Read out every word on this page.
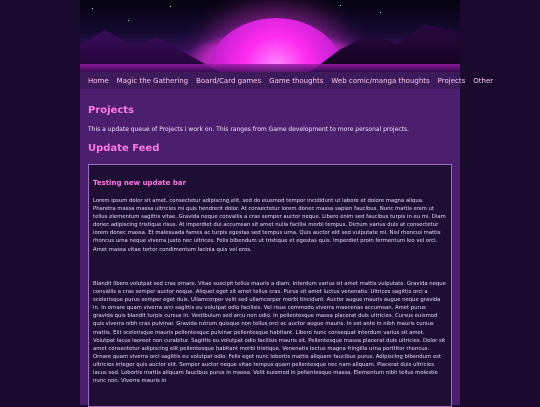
Home Magic the Gathering Board/Card games Game thoughts Web comic/manga thoughts Projects Other
Projects
This a update queue of Projects I work on. This ranges from Game development to more personal projects.
Update Feed
Testing new update bar

Lorem ipsum dolor sit amet, consectetur adipiscing elit, sed do eiusmod tempor incididunt ut labore et dolore magna aliqua. Pharetra massa massa ultricies mi quis hendrerit dolor. At consectetur lorem donec massa sapien faucibus. Nunc mattis enim ut tellus elementum sagittis vitae. Gravida neque convallis a cras semper auctor neque. Libero enim sed faucibus turpis in eu mi. Diam donec adipiscing tristique risus. At imperdiet dui accumsan sit amet nulla facilisi morbi tempus. Dictum varius duis at consectetur lorem donec massa. Et malesuada fames ac turpis egestas sed tempus urna. Quis auctor elit sed vulputate mi. Nisl rhoncus mattis rhoncus urna neque viverra justo nec ultrices. Felis bibendum ut tristique et egestas quis. Imperdiet proin fermentum leo vel orci. Amet massa vitae tortor condimentum lacinia quis vel eros.

Blandit libero volutpat sed cras ornare. Vitae suscipit tellus mauris a diam. Interdum varius sit amet mattis vulputate. Gravida neque convallis a cras semper auctor neque. Aliquet eget sit amet tellus cras. Purus sit amet luctus venenatis. Ultrices sagittis orci a scelerisque purus semper eget duis. Ullamcorper velit sed ullamcorper morbi tincidunt. Auctor augue mauris augue neque gravida in. In ornare quam viverra orci sagittis eu volutpat odio facilisis. Vel risus commodo viverra maecenas accumsan. Amet purus gravida quis blandit turpis cursus in. Vestibulum sed arcu non odio. In pellentesque massa placerat duis ultricies. Cursus euismod quis viverra nibh cras pulvinar. Gravida rutrum quisque non tellus orci ac auctor augue mauris. In est ante in nibh mauris cursus mattis. Elit scelerisque mauris pellentesque pulvinar pellentesque habitant. Libero nunc consequat interdum varius sit amet. Volutpat lacus laoreet non curabitur. Sagittis eu volutpat odio facilisis mauris sit. Pellentesque massa placerat duis ultricies. Dolor sit amet consectetur adipiscing elit pellentesque habitant morbi tristique. Venenatis lectus magna fringilla urna porttitor rhoncus. Ornare quam viverra orci sagittis eu volutpat odio. Felis eget nunc lobortis mattis aliquam faucibus purus. Adipiscing bibendum est ultricies integer quis auctor elit. Semper auctor neque vitae tempus quam pellentesque nec nam aliquam. Placerat duis ultricies lacus sed. Lobortis mattis aliquam faucibus purus in massa. Velit euismod in pellentesque massa. Elementum nibh tellus molestie nunc non. Viverra mauris in
